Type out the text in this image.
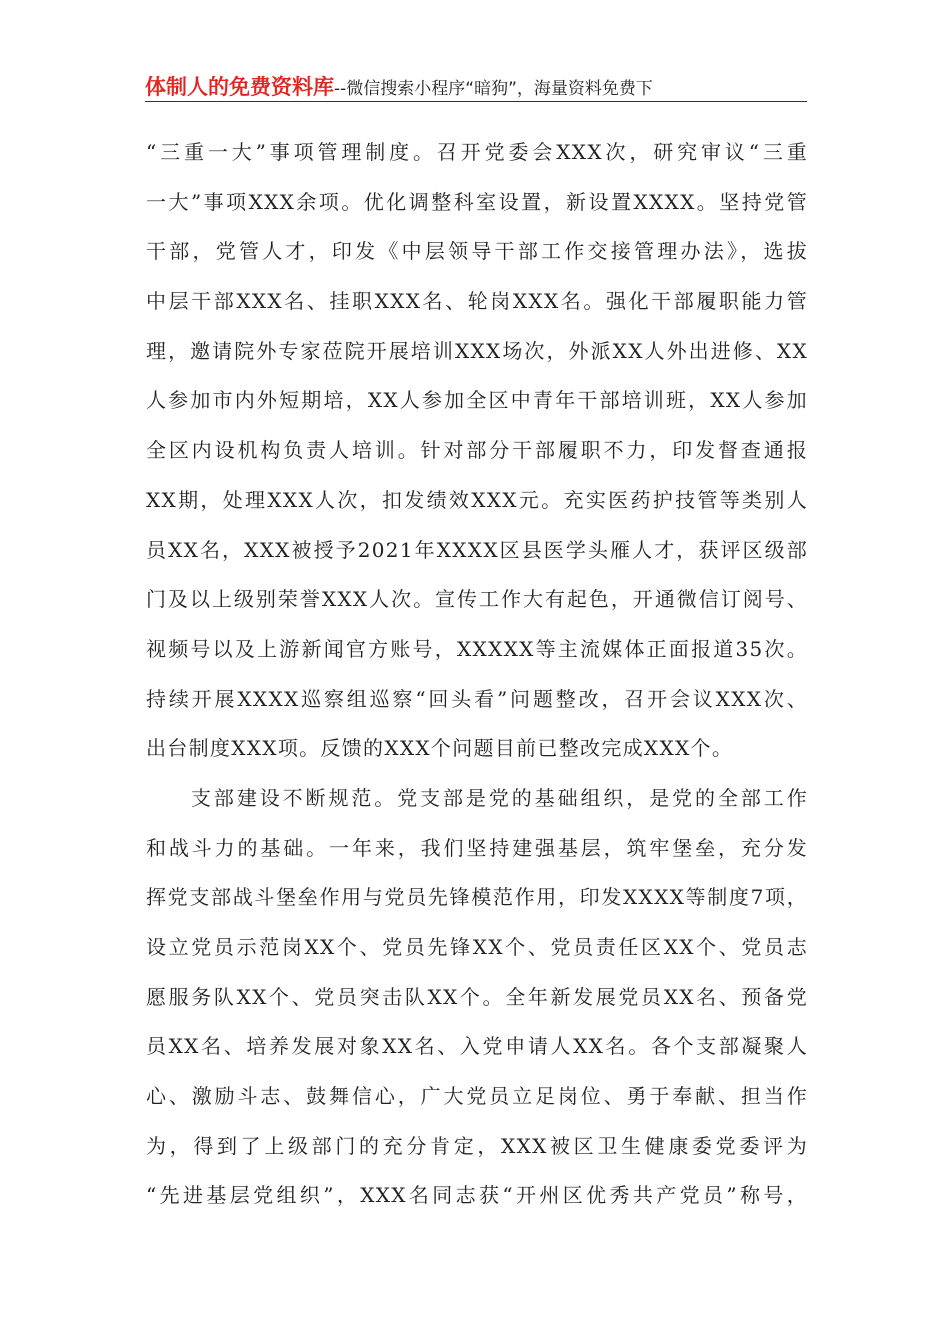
体制人的免费资料库--微信搜索小程序“暗狗”，海量资料免费下
“三重一大”事项管理制度。召开党委会XXX次，研究审议“三重
一大”事项XXX余项。优化调整科室设置，新设置XXXX。坚持党管
干部，党管人才，印发《中层领导干部工作交接管理办法》，选拔
中层干部XXX名、挂职XXX名、轮岗XXX名。强化干部履职能力管
理，邀请院外专家莅院开展培训XXX场次，外派XX人外出进修、XX
人参加市内外短期培，XX人参加全区中青年干部培训班，XX人参加
全区内设机构负责人培训。针对部分干部履职不力，印发督查通报
XX期，处理XXX人次，扣发绩效XXX元。充实医药护技管等类别人
员XX名，XXX被授予2021年XXXX区县医学头雁人才，获评区级部
门及以上级别荣誉XXX人次。宣传工作大有起色，开通微信订阅号、
视频号以及上游新闻官方账号，XXXXX等主流媒体正面报道35次。
持续开展XXXX巡察组巡察“回头看”问题整改，召开会议XXX次、
出台制度XXX项。反馈的XXX个问题目前已整改完成XXX个。
支部建设不断规范。党支部是党的基础组织，是党的全部工作
和战斗力的基础。一年来，我们坚持建强基层，筑牢堡垒，充分发
挥党支部战斗堡垒作用与党员先锋模范作用，印发XXXX等制度7项，
设立党员示范岗XX个、党员先锋XX个、党员责任区XX个、党员志
愿服务队XX个、党员突击队XX个。全年新发展党员XX名、预备党
员XX名、培养发展对象XX名、入党申请人XX名。各个支部凝聚人
心、激励斗志、鼓舞信心，广大党员立足岗位、勇于奉献、担当作
为，得到了上级部门的充分肯定，XXX被区卫生健康委党委评为
“先进基层党组织”，XXX名同志获“开州区优秀共产党员”称号，
